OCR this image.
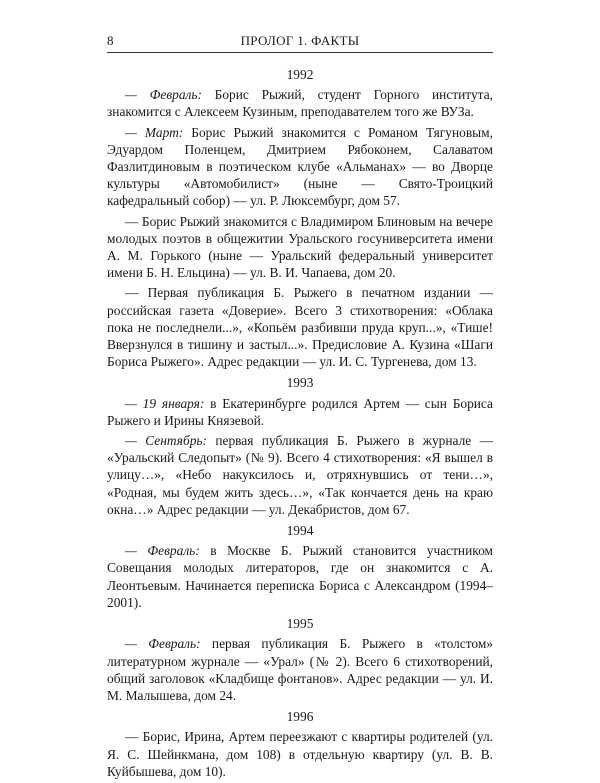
8	ПРОЛОГ 1. ФАКТЫ
1992

— Февраль: Борис Рыжий, студент Горного института, знакомится с Алексеем Кузиным, преподавателем того же ВУЗа.

— Март: Борис Рыжий знакомится с Романом Тягуновым, Эдуардом Поленцем, Дмитрием Рябоконем, Салаватом Фазлитдиновым в поэтическом клубе «Альманах» — во Дворце культуры «Автомобилист» (ныне — Свято-Троицкий кафедральный собор) — ул. Р. Люксембург, дом 57.

— Борис Рыжий знакомится с Владимиром Блиновым на вечере молодых поэтов в общежитии Уральского госуниверситета имени А. М. Горького (ныне — Уральский федеральный университет имени Б. Н. Ельцина) — ул. В. И. Чапаева, дом 20.

— Первая публикация Б. Рыжего в печатном издании — российская газета «Доверие». Всего 3 стихотворения: «Облака пока не последнели...», «Копьём разбивши пруда круп...», «Тише! Вверзнулся в тишину и застыл...». Предисловие А. Кузина «Шаги Бориса Рыжего». Адрес редакции — ул. И. С. Тургенева, дом 13.

1993

— 19 января: в Екатеринбурге родился Артем — сын Бориса Рыжего и Ирины Князевой.

— Сентябрь: первая публикация Б. Рыжего в журнале — «Уральский Следопыт» (№ 9). Всего 4 стихотворения: «Я вышел в улицу…», «Небо накуксилось и, отряхнувшись от тени…», «Родная, мы будем жить здесь…», «Так кончается день на краю окна…» Адрес редакции — ул. Декабристов, дом 67.

1994

— Февраль: в Москве Б. Рыжий становится участником Совещания молодых литераторов, где он знакомится с А. Леонтьевым. Начинается переписка Бориса с Александром (1994–2001).

1995

— Февраль: первая публикация Б. Рыжего в «толстом» литературном журнале — «Урал» (№ 2). Всего 6 стихотворений, общий заголовок «Кладбище фонтанов». Адрес редакции — ул. И. М. Малышева, дом 24.

1996

— Борис, Ирина, Артем переезжают с квартиры родителей (ул. Я. С. Шейнкмана, дом 108) в отдельную квартиру (ул. В. В. Куйбышева, дом 10).
